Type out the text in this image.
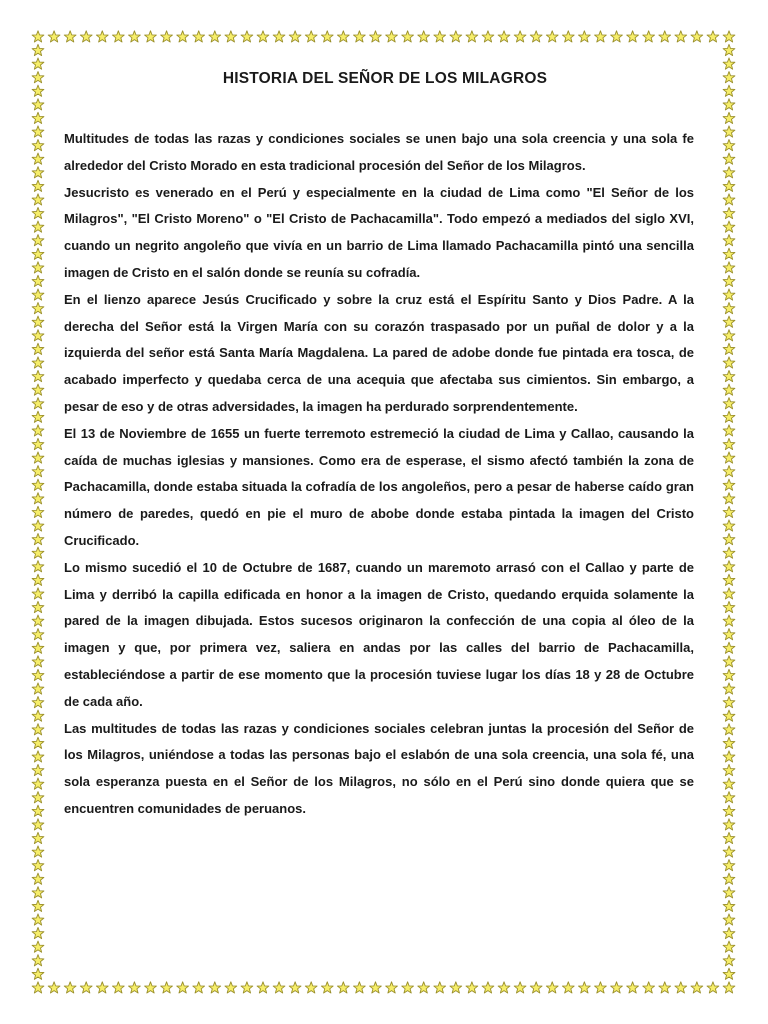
HISTORIA DEL SEÑOR DE LOS MILAGROS

Multitudes de todas las razas y condiciones sociales se unen bajo una sola creencia y una sola fe alrededor del Cristo Morado en esta tradicional procesión del Señor de los Milagros.

Jesucristo es venerado en el Perú y especialmente en la ciudad de Lima como "El Señor de los Milagros", "El Cristo Moreno" o "El Cristo de Pachacamilla". Todo empezó a mediados del siglo XVI, cuando un negrito angoleño que vivía en un barrio de Lima llamado Pachacamilla pintó una sencilla imagen de Cristo en el salón donde se reunía su cofradía.

En el lienzo aparece Jesús Crucificado y sobre la cruz está el Espíritu Santo y Dios Padre. A la derecha del Señor está la Virgen María con su corazón traspasado por un puñal de dolor y a la izquierda del señor está Santa María Magdalena. La pared de adobe donde fue pintada era tosca, de acabado imperfecto y quedaba cerca de una acequia que afectaba sus cimientos. Sin embargo, a pesar de eso y de otras adversidades, la imagen ha perdurado sorprendentemente.

El 13 de Noviembre de 1655 un fuerte terremoto estremeció la ciudad de Lima y Callao, causando la caída de muchas iglesias y mansiones. Como era de esperase, el sismo afectó también la zona de Pachacamilla, donde estaba situada la cofradía de los angoleños, pero a pesar de haberse caído gran número de paredes, quedó en pie el muro de abobe donde estaba pintada la imagen del Cristo Crucificado.

Lo mismo sucedió el 10 de Octubre de 1687, cuando un maremoto arrasó con el Callao y parte de Lima y derribó la capilla edificada en honor a la imagen de Cristo, quedando erquida solamente la pared de la imagen dibujada. Estos sucesos originaron la confección de una copia al óleo de la imagen y que, por primera vez, saliera en andas por las calles del barrio de Pachacamilla, estableciéndose a partir de ese momento que la procesión tuviese lugar los días 18 y 28 de Octubre de cada año.

Las multitudes de todas las razas y condiciones sociales celebran juntas la procesión del Señor de los Milagros, uniéndose a todas las personas bajo el eslabón de una sola creencia, una sola fé, una sola esperanza puesta en el Señor de los Milagros, no sólo en el Perú sino donde quiera que se encuentren comunidades de peruanos.
